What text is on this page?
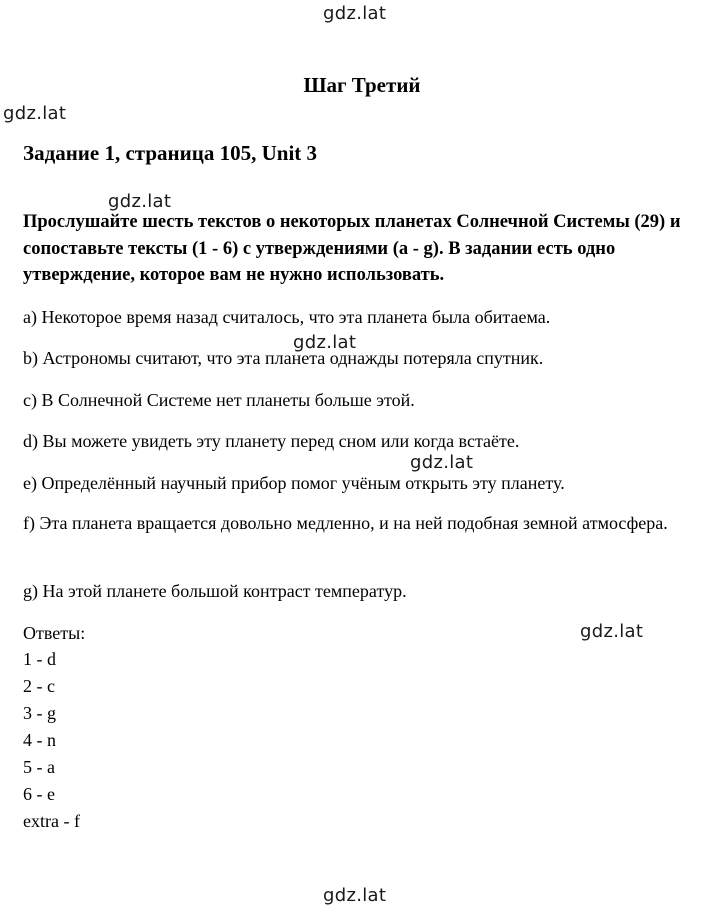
gdz.lat
gdz.lat
gdz.lat
gdz.lat
gdz.lat
gdz.lat
gdz.lat
Шаг Третий
Задание 1, страница 105, Unit 3
Прослушайте шесть текстов о некоторых планетах Солнечной Системы (29) и сопоставьте тексты (1 - 6) с утверждениями (a - g). В задании есть одно утверждение, которое вам не нужно использовать.
a) Некоторое время назад считалось, что эта планета была обитаема.
b) Астрономы считают, что эта планета однажды потеряла спутник.
c) В Солнечной Системе нет планеты больше этой.
d) Вы можете увидеть эту планету перед сном или когда встаёте.
e) Определённый научный прибор помог учёным открыть эту планету.
f) Эта планета вращается довольно медленно, и на ней подобная земной атмосфера.
g) На этой планете большой контраст температур.
Ответы:
1 - d
2 - c
3 - g
4 - n
5 - a
6 - e
extra - f
